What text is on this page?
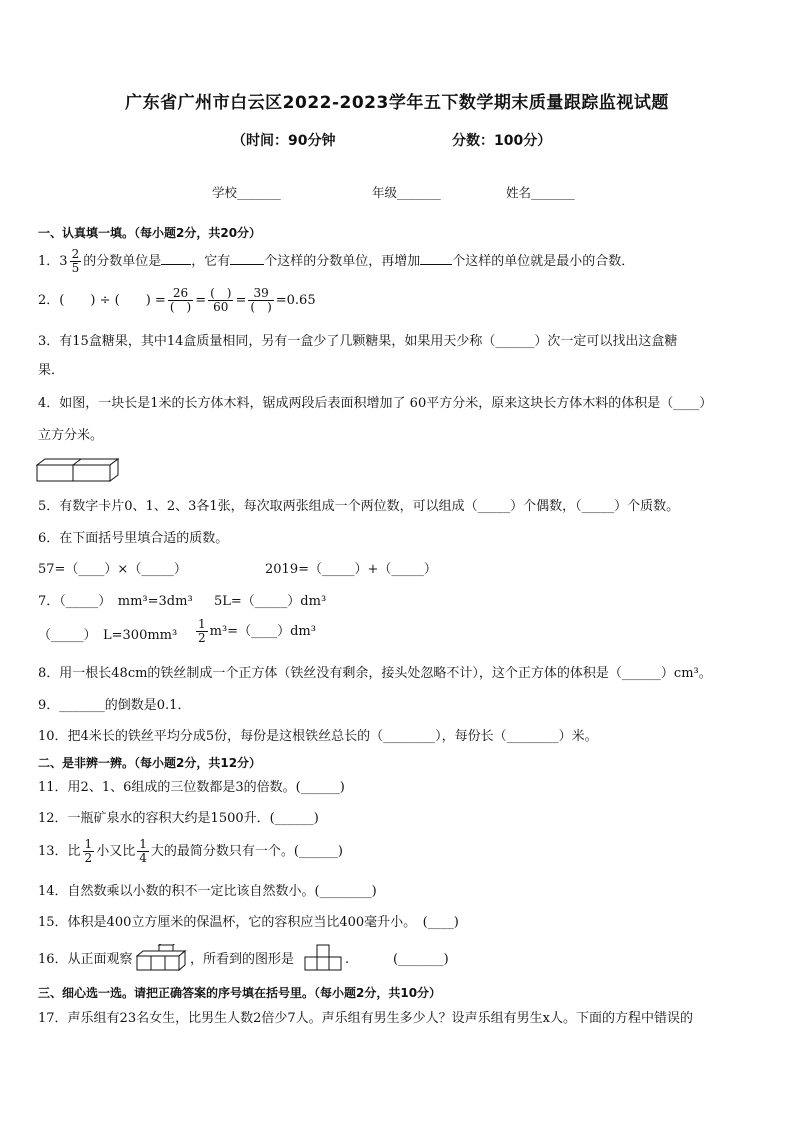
广东省广州市白云区2022-2023学年五下数学期末质量跟踪监视试题
（时间：90分钟	分数：100分）
学校_______	年级_______	姓名_______
一、认真填一填。（每小题2分，共20分）
1．$3 \frac{2}{5}$ 的分数单位是 ，它有	个这样的分数单位，再增加 个这样的单位就是最小的合数．
2．(　　) ÷ (　　) = $\frac{26}{( )} = \frac{( )}{60} = \frac{39}{( )} =0.65$
3．有15盒糖果，其中14盒质量相同，另有一盒少了几颗糖果，如果用天少称（______）次一定可以找出这盒糖
果．
4．如图，一块长是1米的长方体木料，锯成两段后表面积增加了 60平方分米，原来这块长方体木料的体积是（____）
立方分米。
5．有数字卡片0、1、2、3各1张，每次取两张组成一个两位数，可以组成（_____）个偶数，（_____）个质数。
6．在下面括号里填合适的质数。
57=（____）×（_____）	2019=（_____）+（_____）
7．（_____）　mm³=3dm³ 5L=（_____）dm³
（_____）　$L=300mm^3 \frac{1}{2}$ m³=（____）dm³
8．用一根长48cm的铁丝制成一个正方体（铁丝没有剩余，接头处忽略不计），这个正方体的体积是（______）cm³。
9．_______的倒数是0.1．
10．把4米长的铁丝平均分成5份，每份是这根铁丝总长的（________），每份长（________）米。
二、是非辨一辨。（每小题2分，共12分）
11．用2、1、6组成的三位数都是3的倍数。(______)
12．一瓶矿泉水的容积大约是1500升．(______)
13．比 $\frac{1}{2}$ 小又比 $\frac{1}{4}$ 大的最简分数只有一个。(______)
14．自然数乘以小数的积不一定比该自然数小。(________)
15．体积是400立方厘米的保温杯，它的容积应当比400毫升小。　(____)
16．从正面观察	，所看到的图形是	.	(_______)
三、细心选一选。请把正确答案的序号填在括号里。（每小题2分，共10分）
17．声乐组有23名女生，比男生人数2倍少7人。声乐组有男生多少人？设声乐组有男生x人。下面的方程中错误的
